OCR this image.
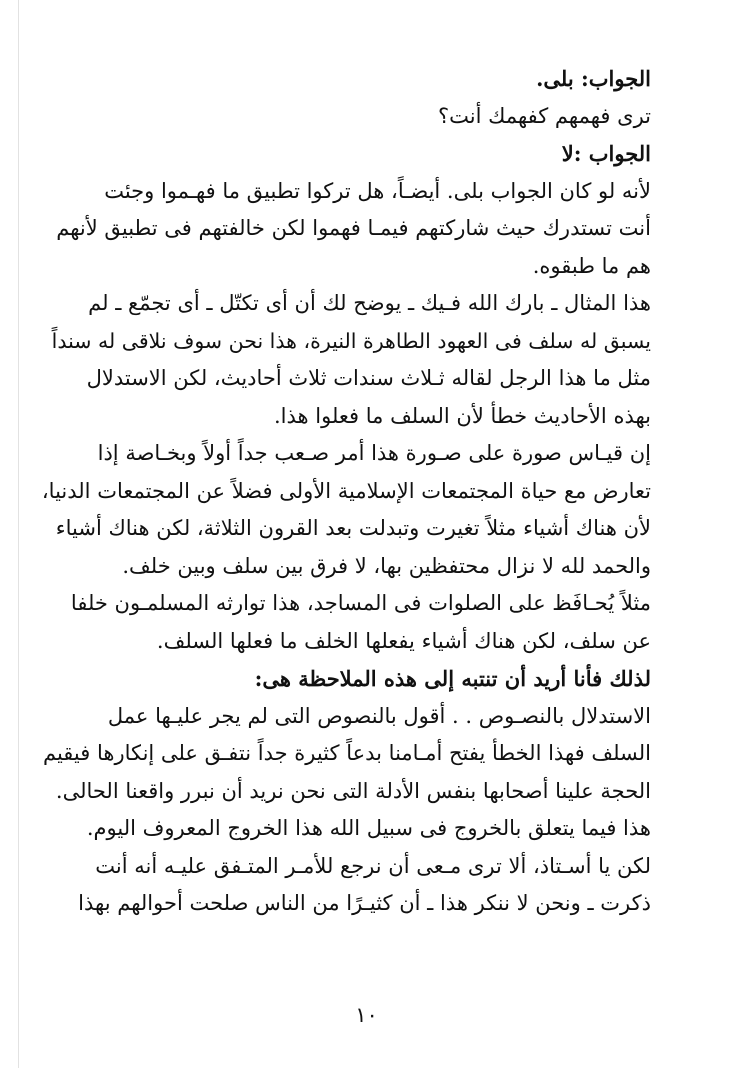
الجواب: بلى.
ترى فهمهم كفهمك أنت؟
الجواب :لا
لأنه لو كان الجواب بلى. أيضـاً، هل تركوا تطبيق ما فهـموا وجئت
أنت تستدرك حيث شاركتهم فيمـا فهموا لكن خالفتهم فى تطبيق لأنهم
هم ما طبقوه.
هذا المثال ـ بارك الله فـيك ـ يوضح لك أن أى تكتّل ـ أى تجمّع ـ لم
يسبق له سلف فى العهود الطاهرة النيرة، هذا نحن سوف نلاقى له سنداً
مثل ما هذا الرجل لقاله ثـلاث سندات ثلاث أحاديث، لكن الاستدلال
بهذه الأحاديث خطأ لأن السلف ما فعلوا هذا.
إن قيـاس صورة على صـورة هذا أمر صـعب جداً أولاً وبخـاصة إذا
تعارض مع حياة المجتمعات الإسلامية الأولى فضلاً عن المجتمعات الدنيا،
لأن هناك أشياء مثلاً تغيرت وتبدلت بعد القرون الثلاثة، لكن هناك أشياء
والحمد لله لا نزال محتفظين بها، لا فرق بين سلف وبين خلف.
مثلاً يُحـافَظ على الصلوات فى المساجد، هذا توارثه المسلمـون خلفا
عن سلف، لكن هناك أشياء يفعلها الخلف ما فعلها السلف.
لذلك فأنا أريد أن تنتبه إلى هذه الملاحظة هى:
الاستدلال بالنصـوص . . أقول بالنصوص التى لم يجر عليـها عمل
السلف فهذا الخطأ يفتح أمـامنا بدعاً كثيرة جداً نتفـق على إنكارها فيقيم
الحجة علينا أصحابها بنفس الأدلة التى نحن نريد أن نبرر واقعنا الحالى.
هذا فيما يتعلق بالخروج فى سبيل الله هذا الخروج المعروف اليوم.
لكن يا أسـتاذ، ألا ترى مـعى أن نرجع للأمـر المتـفق عليـه أنه أنت
ذكرت ـ ونحن لا ننكر هذا ـ أن كثيـرًا من الناس صلحت أحوالهم بهذا
١٠
